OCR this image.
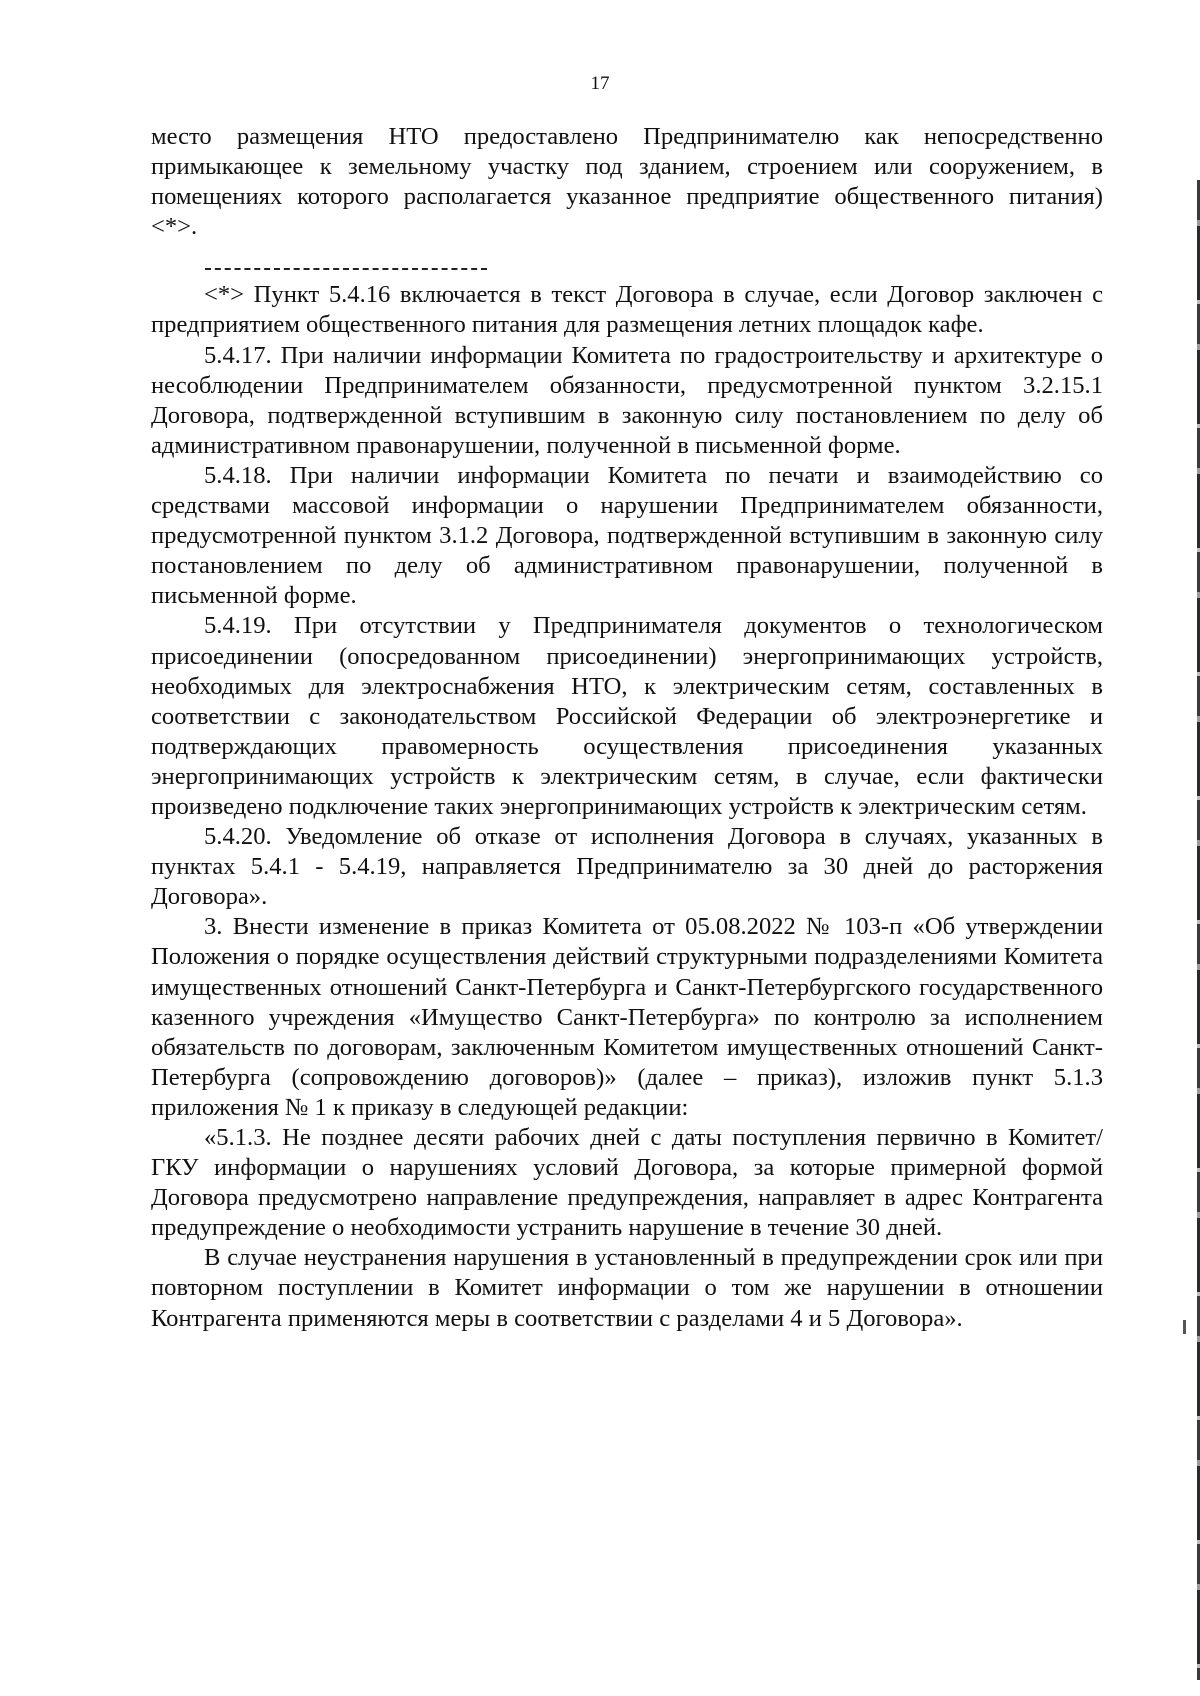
17

место размещения НТО предоставлено Предпринимателю как непосредственно примыкающее к земельному участку под зданием, строением или сооружением, в помещениях которого располагается указанное предприятие общественного питания) <*>.

<*> Пункт 5.4.16 включается в текст Договора в случае, если Договор заключен с предприятием общественного питания для размещения летних площадок кафе.

5.4.17. При наличии информации Комитета по градостроительству и архитектуре о несоблюдении Предпринимателем обязанности, предусмотренной пунктом 3.2.15.1 Договора, подтвержденной вступившим в законную силу постановлением по делу об административном правонарушении, полученной в письменной форме.

5.4.18. При наличии информации Комитета по печати и взаимодействию со средствами массовой информации о нарушении Предпринимателем обязанности, предусмотренной пунктом 3.1.2 Договора, подтвержденной вступившим в законную силу постановлением по делу об административном правонарушении, полученной в письменной форме.

5.4.19. При отсутствии у Предпринимателя документов о технологическом присоединении (опосредованном присоединении) энергопринимающих устройств, необходимых для электроснабжения НТО, к электрическим сетям, составленных в соответствии с законодательством Российской Федерации об электроэнергетике и подтверждающих правомерность осуществления присоединения указанных энергопринимающих устройств к электрическим сетям, в случае, если фактически произведено подключение таких энергопринимающих устройств к электрическим сетям.

5.4.20. Уведомление об отказе от исполнения Договора в случаях, указанных в пунктах 5.4.1 - 5.4.19, направляется Предпринимателю за 30 дней до расторжения Договора».

3. Внести изменение в приказ Комитета от 05.08.2022 № 103-п «Об утверждении Положения о порядке осуществления действий структурными подразделениями Комитета имущественных отношений Санкт-Петербурга и Санкт-Петербургского государственного казенного учреждения «Имущество Санкт-Петербурга» по контролю за исполнением обязательств по договорам, заключенным Комитетом имущественных отношений Санкт-Петербурга (сопровождению договоров)» (далее – приказ), изложив пункт 5.1.3 приложения № 1 к приказу в следующей редакции:

«5.1.3. Не позднее десяти рабочих дней с даты поступления первично в Комитет/ГКУ информации о нарушениях условий Договора, за которые примерной формой Договора предусмотрено направление предупреждения, направляет в адрес Контрагента предупреждение о необходимости устранить нарушение в течение 30 дней.

В случае неустранения нарушения в установленный в предупреждении срок или при повторном поступлении в Комитет информации о том же нарушении в отношении Контрагента применяются меры в соответствии с разделами 4 и 5 Договора».
